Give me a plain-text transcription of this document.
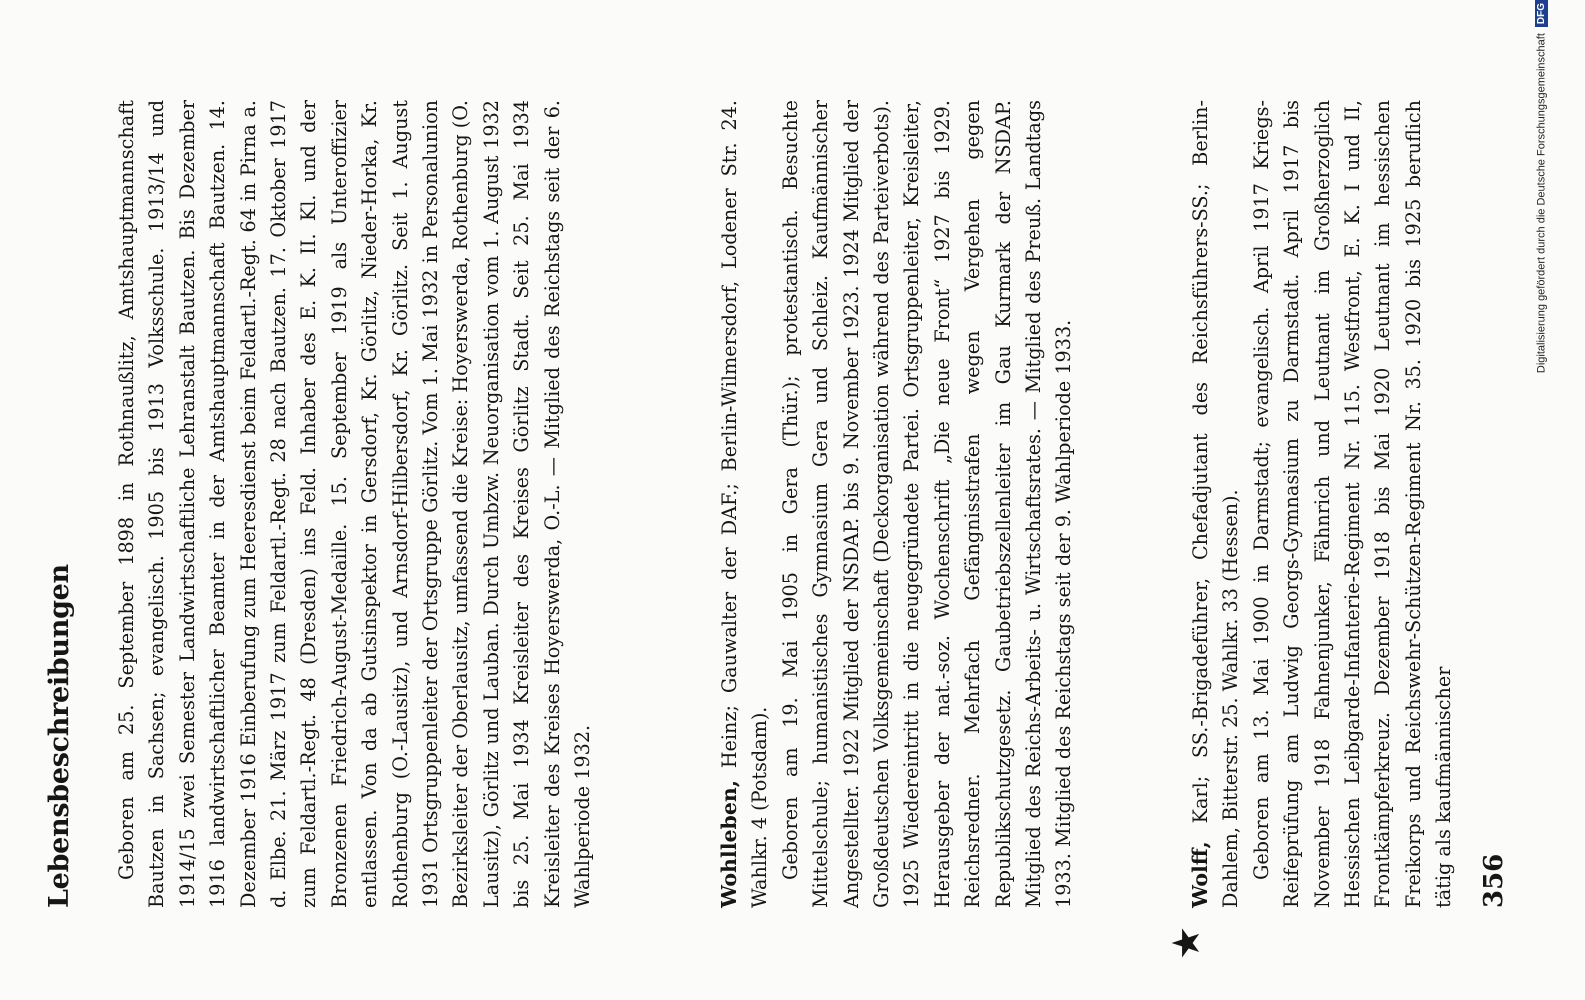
Lebensbeschreibungen Geboren am 25. September 1898 in Rothnaußlitz, Amtshauptmannschaft Bautzen in Sachsen; evangelisch. 1905 bis 1913 Volksschule. 1913/14 und 1914/15 zwei Semester Landwirtschaftliche Lehranstalt Bautzen. Bis Dezember 1916 landwirtschaftlicher Beamter in der Amtshauptmannschaft Bautzen. 14. Dezember 1916 Einberufung zum Heeresdienst beim Feldartl.-Regt. 64 in Pirna a. d. Elbe. 21. März 1917 zum Feldartl.-Regt. 28 nach Bautzen. 17. Oktober 1917 zum Feldartl.-Regt. 48 (Dresden) ins Feld. Inhaber des E. K. II. Kl. und der Bronzenen Friedrich-August-Medaille. 15. September 1919 als Unteroffizier entlassen. Von da ab Gutsinspektor in Gersdorf, Kr. Görlitz, Nieder-Horka, Kr. Rothenburg (O.-Lausitz), und Arnsdorf-Hilbersdorf, Kr. Görlitz. Seit 1. August 1931 Ortsgruppenleiter der Ortsgruppe Görlitz. Vom 1. Mai 1932 in Personalunion Bezirksleiter der Oberlausitz, umfassend die Kreise: Hoyerswerda, Rothenburg (O. Lausitz), Görlitz und Lauban. Durch Umbzw. Neuorganisation vom 1. August 1932 bis 25. Mai 1934 Kreisleiter des Kreises Görlitz Stadt. Seit 25. Mai 1934 Kreisleiter des Kreises Hoyerswerda, O.-L. — Mitglied des Reichstags seit der 6. Wahlperiode 1932.	Wohlleben, Heinz; Gauwalter der DAF.; Berlin-Wilmersdorf, Lodener Str. 24. Wahlkr. 4 (Potsdam). Geboren am 19. Mai 1905 in Gera (Thür.); protestantisch. Besuchte Mittelschule; humanistisches Gymnasium Gera und Schleiz. Kaufmännischer Angestellter. 1922 Mitglied der NSDAP. bis 9. November 1923. 1924 Mitglied der Großdeutschen Volksgemeinschaft (Deckorganisation während des Parteiverbots). 1925 Wiedereintritt in die neugegründete Partei. Ortsgruppenleiter, Kreisleiter, Herausgeber der nat.-soz. Wochenschrift „Die neue Front“ 1927 bis 1929. Reichsredner. Mehrfach Gefängnisstrafen wegen Vergehen gegen Republikschutzgesetz. Gaubetriebszellenleiter im Gau Kurmark der NSDAP. Mitglied des Reichs-Arbeits- u. Wirtschaftsrates. — Mitglied des Preuß. Landtags 1933. Mitglied des Reichstags seit der 9. Wahlperiode 1933.

★

Wolff, Karl; SS.-Brigadeführer, Chefadjutant des Reichsführers-SS.; Berlin-Dahlem, Bitterstr. 25. Wahlkr. 33 (Hessen). Geboren am 13. Mai 1900 in Darmstadt; evangelisch. April 1917 Kriegs-Reifeprüfung am Ludwig Georgs-Gymnasium zu Darmstadt. April 1917 bis November 1918 Fahnenjunker, Fähnrich und Leutnant im Großherzoglich Hessischen Leibgarde-Infanterie-Regiment Nr. 115. Westfront, E. K. I und II, Frontkämpferkreuz. Dezember 1918 bis Mai 1920 Leutnant im hessischen Freikorps und Reichswehr-Schützen-Regiment Nr. 35. 1920 bis 1925 beruflich tätig als kaufmännischer 356
Digitalisierung gefördert durch die Deutsche ForschungsgemeinschaftDFG
